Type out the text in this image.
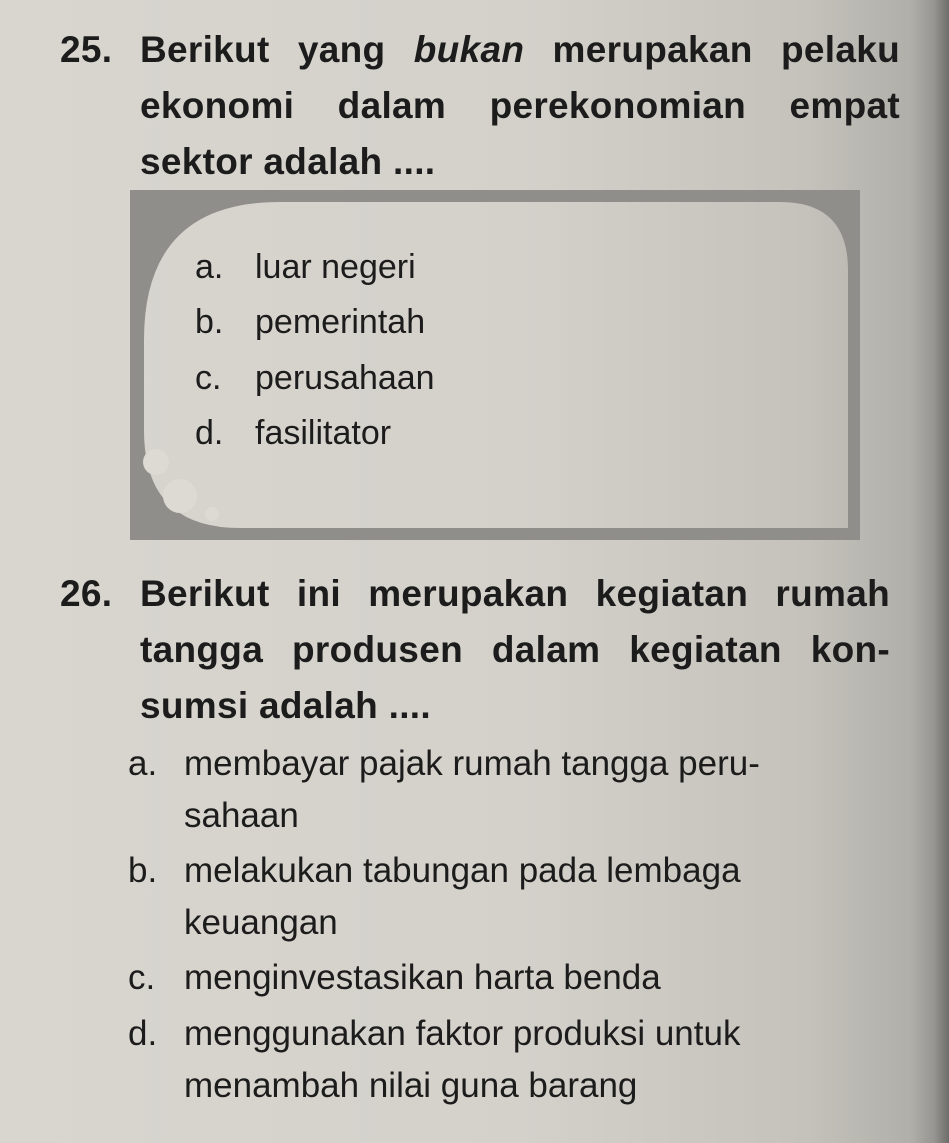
25. Berikut yang bukan merupakan pelaku
ekonomi dalam perekonomian empat
sektor adalah ....
a. luar negeri
b. pemerintah
c. perusahaan
d. fasilitator
26. Berikut ini merupakan kegiatan rumah
tangga produsen dalam kegiatan kon-
sumsi adalah ....
a. membayar pajak rumah tangga peru-
sahaan
b. melakukan tabungan pada lembaga
keuangan
c. menginvestasikan harta benda
d. menggunakan faktor produksi untuk
menambah nilai guna barang
